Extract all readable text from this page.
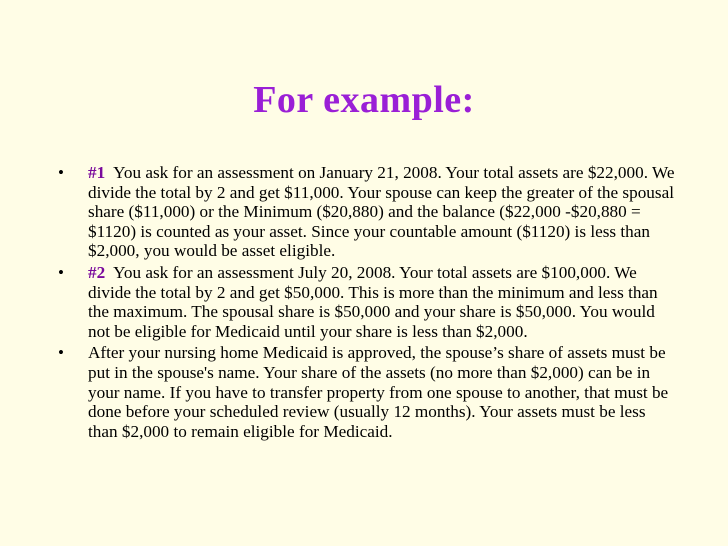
For example:
• #1 You ask for an assessment on January 21, 2008. Your total assets are $22,000. We divide the total by 2 and get $11,000. Your spouse can keep the greater of the spousal share ($11,000) or the Minimum ($20,880) and the balance ($22,000 -$20,880 = $1120) is counted as your asset. Since your countable amount ($1120) is less than $2,000, you would be asset eligible.
• #2 You ask for an assessment July 20, 2008. Your total assets are $100,000. We divide the total by 2 and get $50,000. This is more than the minimum and less than the maximum. The spousal share is $50,000 and your share is $50,000. You would not be eligible for Medicaid until your share is less than $2,000.
• After your nursing home Medicaid is approved, the spouse’s share of assets must be put in the spouse's name. Your share of the assets (no more than $2,000) can be in your name. If you have to transfer property from one spouse to another, that must be done before your scheduled review (usually 12 months). Your assets must be less than $2,000 to remain eligible for Medicaid.
